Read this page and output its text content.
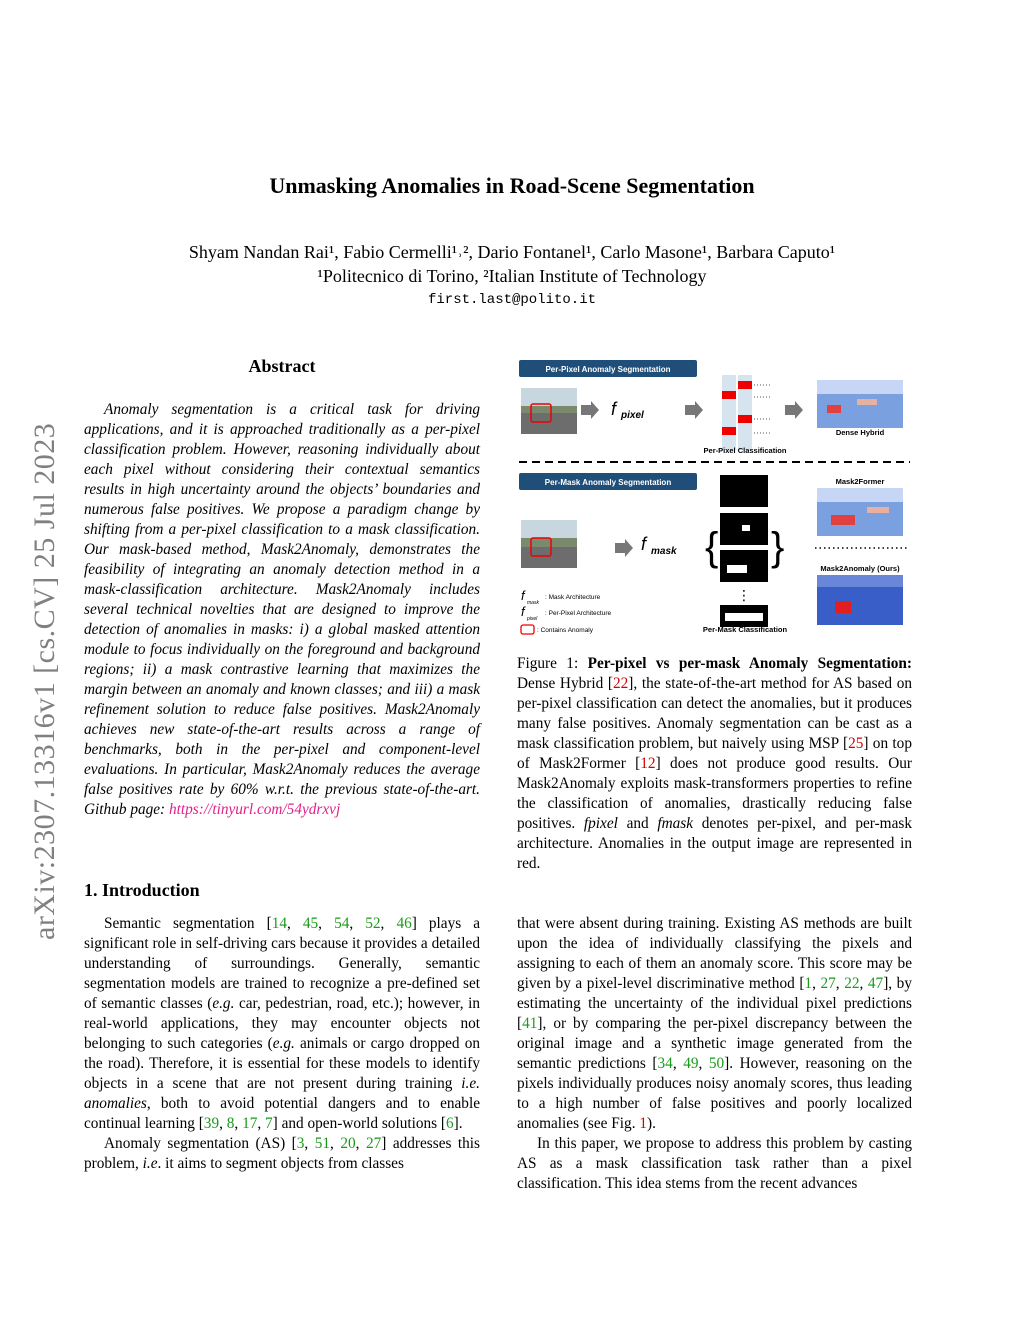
arXiv:2307.13316v1 [cs.CV] 25 Jul 2023
Unmasking Anomalies in Road-Scene Segmentation
Shyam Nandan Rai¹, Fabio Cermelli¹˒², Dario Fontanel¹, Carlo Masone¹, Barbara Caputo¹
¹Politecnico di Torino, ²Italian Institute of Technology
first.last@polito.it
Abstract

Anomaly segmentation is a critical task for driving applications, and it is approached traditionally as a per-pixel classification problem. However, reasoning individually about each pixel without considering their contextual semantics results in high uncertainty around the objects’ boundaries and numerous false positives. We propose a paradigm change by shifting from a per-pixel classification to a mask classification. Our mask-based method, Mask2Anomaly, demonstrates the feasibility of integrating an anomaly detection method in a mask-classification architecture. Mask2Anomaly includes several technical novelties that are designed to improve the detection of anomalies in masks: i) a global masked attention module to focus individually on the foreground and background regions; ii) a mask contrastive learning that maximizes the margin between an anomaly and known classes; and iii) a mask refinement solution to reduce false positives. Mask2Anomaly achieves new state-of-the-art results across a range of benchmarks, both in the per-pixel and component-level evaluations. In particular, Mask2Anomaly reduces the average false positives rate by 60% w.r.t. the previous state-of-the-art. Github page: https://tinyurl.com/54ydrxvj

1. Introduction

Semantic segmentation [14, 45, 54, 52, 46] plays a significant role in self-driving cars because it provides a detailed understanding of surroundings. Generally, semantic segmentation models are trained to recognize a pre-defined set of semantic classes (e.g. car, pedestrian, road, etc.); however, in real-world applications, they may encounter objects not belonging to such categories (e.g. animals or cargo dropped on the road). Therefore, it is essential for these models to identify objects in a scene that are not present during training i.e. anomalies, both to avoid potential dangers and to enable continual learning [39, 8, 17, 7] and open-world solutions [6].

Anomaly segmentation (AS) [3, 51, 20, 27] addresses this problem, i.e. it aims to segment objects from classes

Per-Pixel Anomaly Segmentation
Per-Mask Anomaly Segmentation
f pixel
Per-Pixel Classification
Dense Hybrid
f mask {
⋮
}
Per-Mask Classification
Mask2Former
Mask2Anomaly (Ours)
f mask
: Mask Architecture
f pixel
: Per-Pixel Architecture
: Contains Anomaly

Figure 1: Per-pixel vs per-mask Anomaly Segmentation: Dense Hybrid [22], the state-of-the-art method for AS based on per-pixel classification can detect the anomalies, but it produces many false positives. Anomaly segmentation can be cast as a mask classification problem, but naively using MSP [25] on top of Mask2Former [12] does not produce good results. Our Mask2Anomaly exploits mask-transformers properties to refine the classification of anomalies, drastically reducing false positives. fpixel and fmask denotes per-pixel, and per-mask architecture. Anomalies in the output image are represented in red.

that were absent during training. Existing AS methods are built upon the idea of individually classifying the pixels and assigning to each of them an anomaly score. This score may be given by a pixel-level discriminative method [1, 27, 22, 47], by estimating the uncertainty of the individual pixel predictions [41], or by comparing the per-pixel discrepancy between the original image and a synthetic image generated from the semantic predictions [34, 49, 50]. However, reasoning on the pixels individually produces noisy anomaly scores, thus leading to a high number of false positives and poorly localized anomalies (see Fig. 1).

In this paper, we propose to address this problem by casting AS as a mask classification task rather than a pixel classification. This idea stems from the recent advances
